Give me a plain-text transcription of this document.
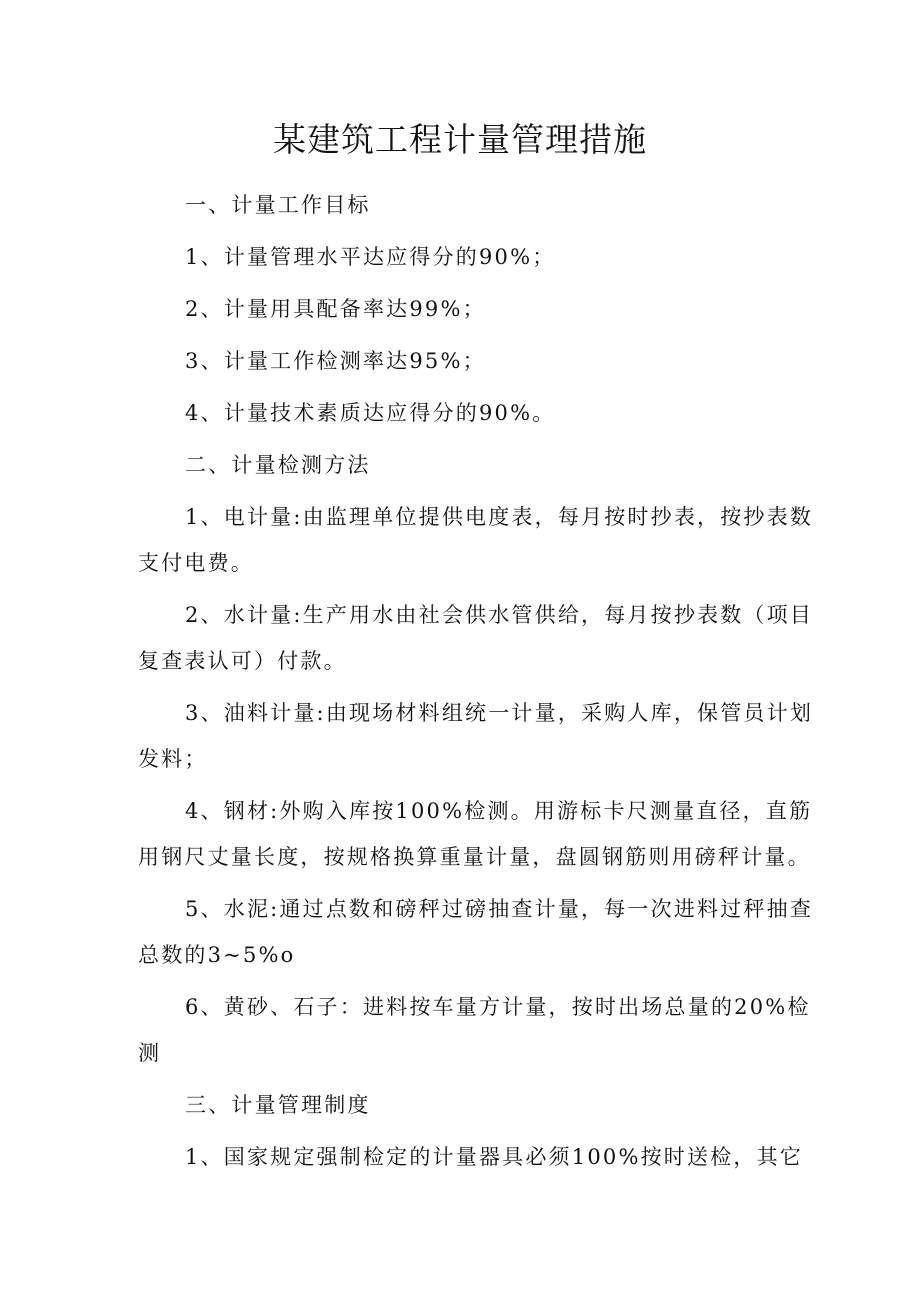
某建筑工程计量管理措施

一、计量工作目标

1、计量管理水平达应得分的90%；

2、计量用具配备率达99%；

3、计量工作检测率达95%；

4、计量技术素质达应得分的90%。

二、计量检测方法

1、电计量:由监理单位提供电度表，每月按时抄表，按抄表数支付电费。

2、水计量:生产用水由社会供水管供给，每月按抄表数（项目复查表认可）付款。

3、油料计量:由现场材料组统一计量，采购人库，保管员计划发料；

4、钢材:外购入库按100%检测。用游标卡尺测量直径，直筋用钢尺丈量长度，按规格换算重量计量，盘圆钢筋则用磅秤计量。

5、水泥:通过点数和磅秤过磅抽查计量，每一次进料过秤抽查总数的3~5%o

6、黄砂、石子：进料按车量方计量，按时出场总量的20%检测

三、计量管理制度

1、国家规定强制检定的计量器具必须100%按时送检，其它
